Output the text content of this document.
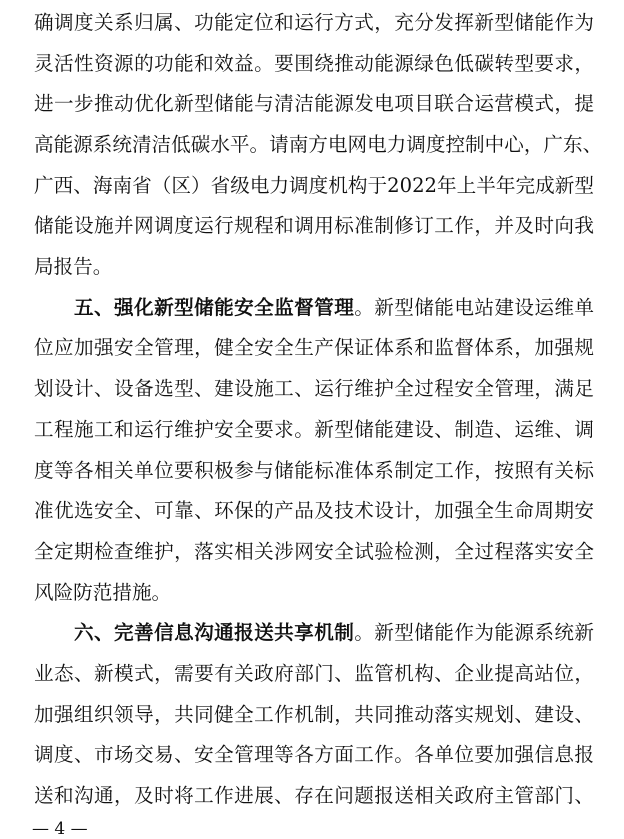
确调度关系归属、功能定位和运行方式，充分发挥新型储能作为
灵活性资源的功能和效益。要围绕推动能源绿色低碳转型要求，
进一步推动优化新型储能与清洁能源发电项目联合运营模式，提
高能源系统清洁低碳水平。请南方电网电力调度控制中心，广东、
广西、海南省（区）省级电力调度机构于2022年上半年完成新型
储能设施并网调度运行规程和调用标准制修订工作，并及时向我
局报告。
五、强化新型储能安全监督管理。新型储能电站建设运维单
位应加强安全管理，健全安全生产保证体系和监督体系，加强规
划设计、设备选型、建设施工、运行维护全过程安全管理，满足
工程施工和运行维护安全要求。新型储能建设、制造、运维、调
度等各相关单位要积极参与储能标准体系制定工作，按照有关标
准优选安全、可靠、环保的产品及技术设计，加强全生命周期安
全定期检查维护，落实相关涉网安全试验检测，全过程落实安全
风险防范措施。
六、完善信息沟通报送共享机制。新型储能作为能源系统新
业态、新模式，需要有关政府部门、监管机构、企业提高站位，
加强组织领导，共同健全工作机制，共同推动落实规划、建设、
调度、市场交易、安全管理等各方面工作。各单位要加强信息报
送和沟通，及时将工作进展、存在问题报送相关政府主管部门、
— 4 —
